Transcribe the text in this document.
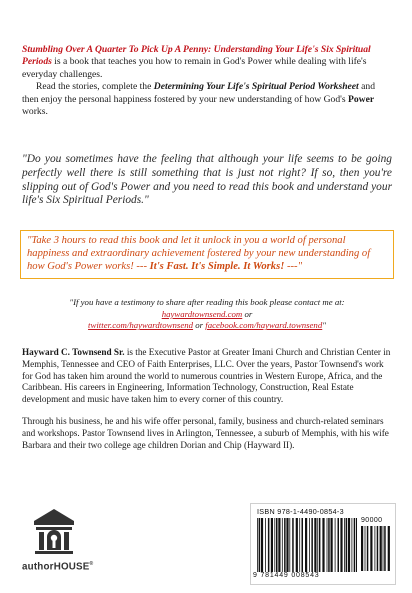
Stumbling Over A Quarter To Pick Up A Penny: Understanding Your Life's Six Spiritual Periods is a book that teaches you how to remain in God's Power while dealing with life's everyday challenges.

Read the stories, complete the Determining Your Life's Spiritual Period Worksheet and then enjoy the personal happiness fostered by your new understanding of how God's Power works.

"Do you sometimes have the feeling that although your life seems to be going perfectly well there is still something that is just not right? If so, then you're slipping out of God's Power and you need to read this book and understand your life's Six Spiritual Periods."
"Take 3 hours to read this book and let it unlock in you a world of personal happiness and extraordinary achievement fostered by your new understanding of how God's Power works! --- It's Fast. It's Simple. It Works! ---"
"If you have a testimony to share after reading this book please contact me at:
haywardtownsend.com or
twitter.com/haywardtownsend or facebook.com/hayward.townsend"

Hayward C. Townsend Sr. is the Executive Pastor at Greater Imani Church and Christian Center in Memphis, Tennessee and CEO of Faith Enterprises, LLC. Over the years, Pastor Townsend's work for God has taken him around the world to numerous countries in Western Europe, Africa, and the Caribbean. His careers in Engineering, Information Technology, Construction, Real Estate development and music have taken him to every corner of this country.

Through his business, he and his wife offer personal, family, business and church-related seminars and workshops. Pastor Townsend lives in Arlington, Tennessee, a suburb of Memphis, with his wife Barbara and their two college age children Dorian and Chip (Hayward II).

authorHOUSE®
ISBN 978-1-4490-0854-3
90000
9 781449 008543
